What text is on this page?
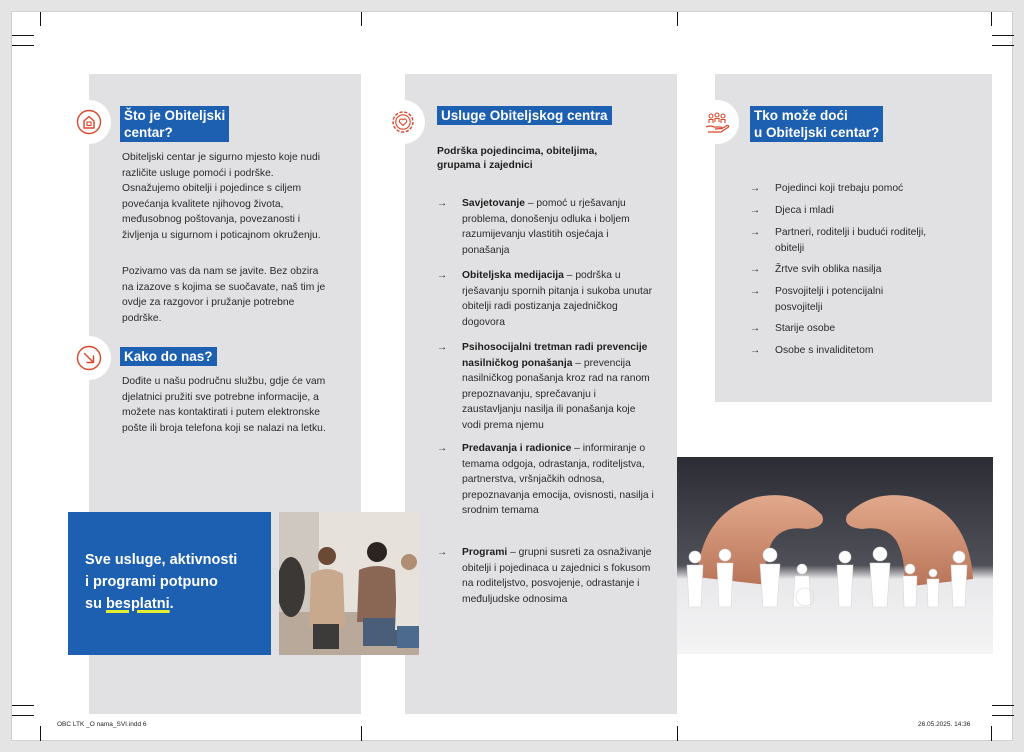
Što je Obiteljski
centar?
Obiteljski centar je sigurno mjesto koje nudi različite usluge pomoći i podrške. Osnažujemo obitelji i pojedince s ciljem povećanja kvalitete njihovog života, međusobnog poštovanja, povezanosti i življenja u sigurnom i poticajnom okruženju.
Pozivamo vas da nam se javite. Bez obzira na izazove s kojima se suočavate, naš tim je ovdje za razgovor i pružanje potrebne podrške.
Kako do nas?
Dođite u našu područnu službu, gdje će vam djelatnici pružiti sve potrebne informacije, a možete nas kontaktirati i putem elektronske pošte ili broja telefona koji se nalazi na letku.
Sve usluge, aktivnosti
i programi potpuno
su besplatni.
Usluge Obiteljskog centra
Podrška pojedincima, obiteljima, grupama i zajednici
→ Savjetovanje – pomoć u rješavanju problema, donošenju odluka i boljem razumijevanju vlastitih osjećaja i ponašanja
→ Obiteljska medijacija – podrška u rješavanju spornih pitanja i sukoba unutar obitelji radi postizanja zajedničkog dogovora
→ Psihosocijalni tretman radi prevencije nasilničkog ponašanja – prevencija nasilničkog ponašanja kroz rad na ranom prepoznavanju, sprečavanju i zaustavljanju nasilja ili ponašanja koje vodi prema njemu
→ Predavanja i radionice – informiranje o temama odgoja, odrastanja, roditeljstva, partnerstva, vršnjačkih odnosa, prepoznavanja emocija, ovisnosti, nasilja i srodnim temama
→ Programi – grupni susreti za osnaživanje obitelji i pojedinaca u zajednici s fokusom na roditeljstvo, posvojenje, odrastanje i međuljudske odnosima
Tko može doći
u Obiteljski centar?
→ Pojedinci koji trebaju pomoć
→ Djeca i mladi
→ Partneri, roditelji i budući roditelji, obitelji
→ Žrtve svih oblika nasilja
→ Posvojitelji i potencijalni posvojitelji
→ Starije osobe
→ Osobe s invaliditetom
OBC LTK _O nama_SVI.indd 6	26.05.2025. 14:36
